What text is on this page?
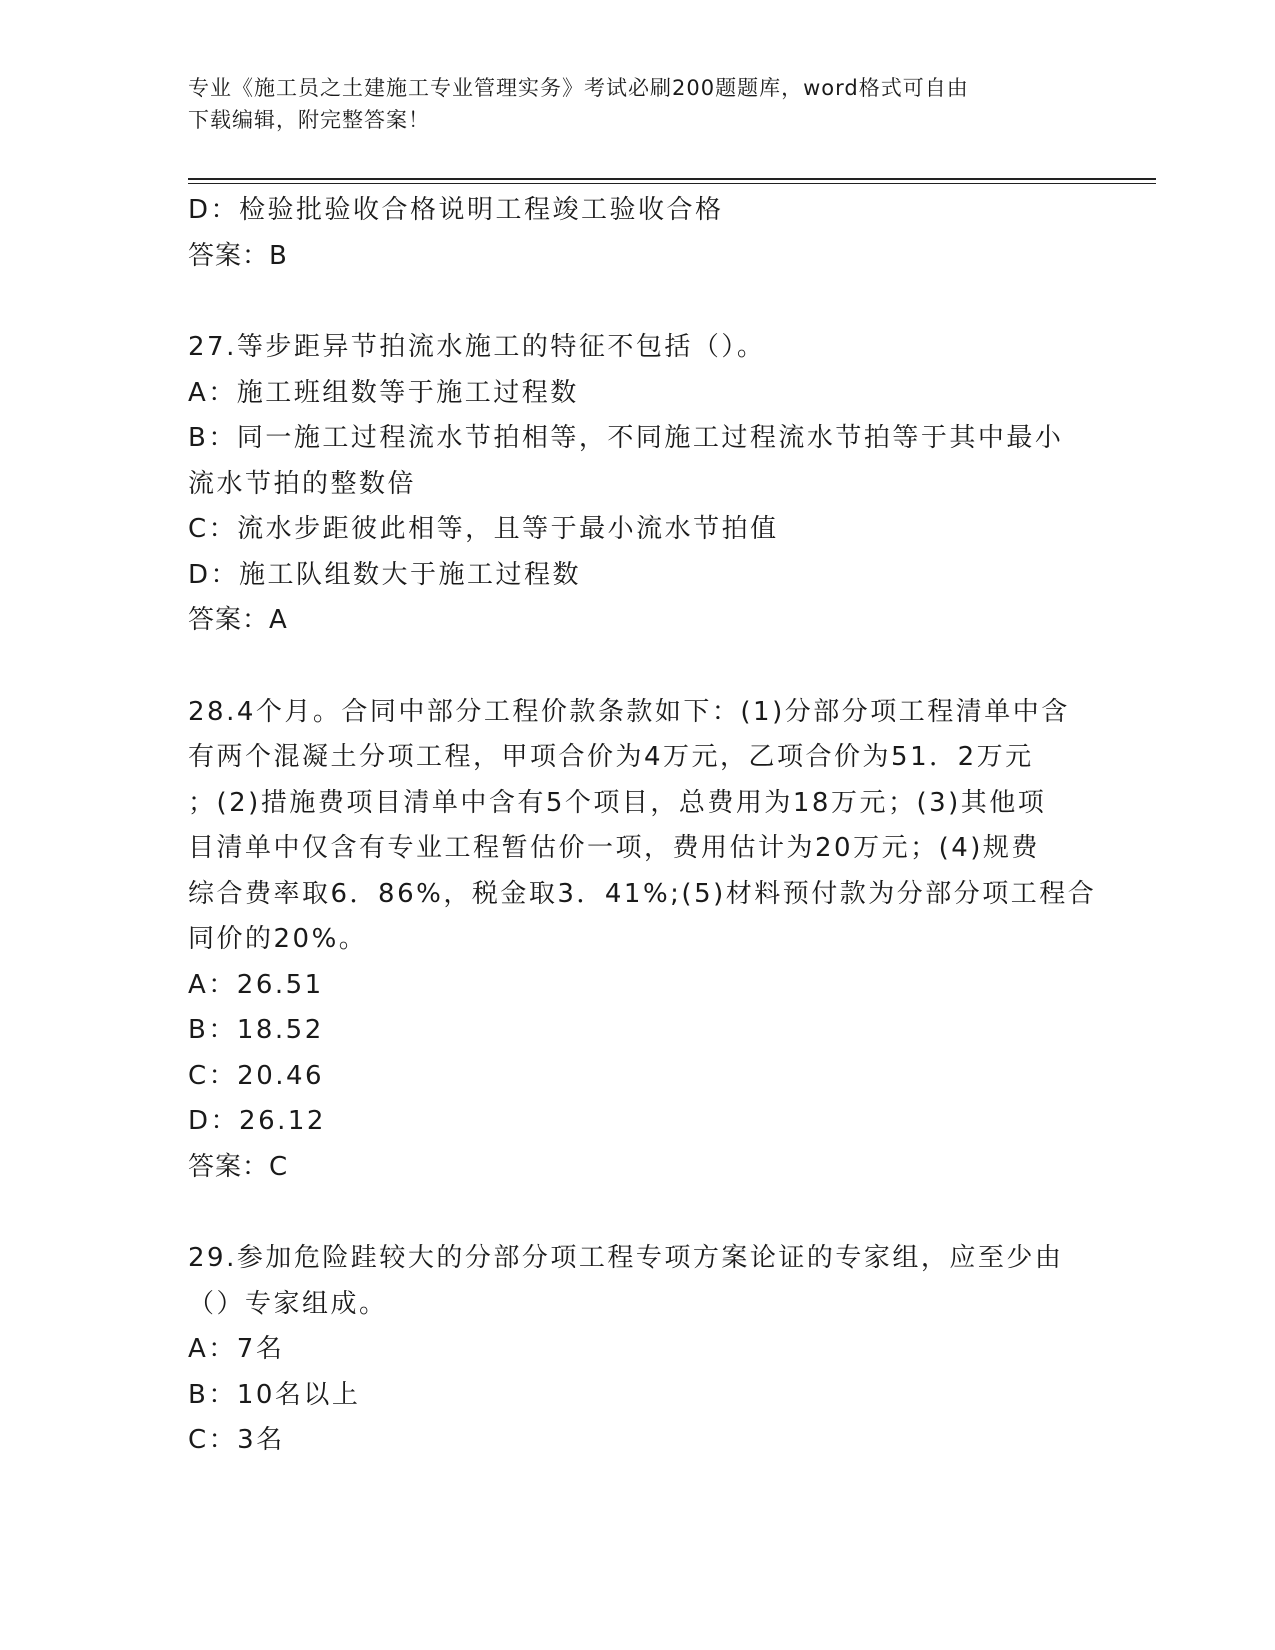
专业《施工员之土建施工专业管理实务》考试必刷200题题库，word格式可自由
下载编辑，附完整答案！
D：检验批验收合格说明工程竣工验收合格
答案：B
27.等步距异节拍流水施工的特征不包括（）。
A：施工班组数等于施工过程数
B：同一施工过程流水节拍相等，不同施工过程流水节拍等于其中最小
流水节拍的整数倍
C：流水步距彼此相等，且等于最小流水节拍值
D：施工队组数大于施工过程数
答案：A
28.4个月。合同中部分工程价款条款如下：(1)分部分项工程清单中含
有两个混凝土分项工程，甲项合价为4万元，乙项合价为51．2万元
；(2)措施费项目清单中含有5个项目，总费用为18万元；(3)其他项
目清单中仅含有专业工程暂估价一项，费用估计为20万元；(4)规费
综合费率取6．86%，税金取3．41%;(5)材料预付款为分部分项工程合
同价的20%。
A：26.51
B：18.52
C：20.46
D：26.12
答案：C
29.参加危险跬较大的分部分项工程专项方案论证的专家组，应至少由
（）专家组成。
A：7名
B：10名以上
C：3名
